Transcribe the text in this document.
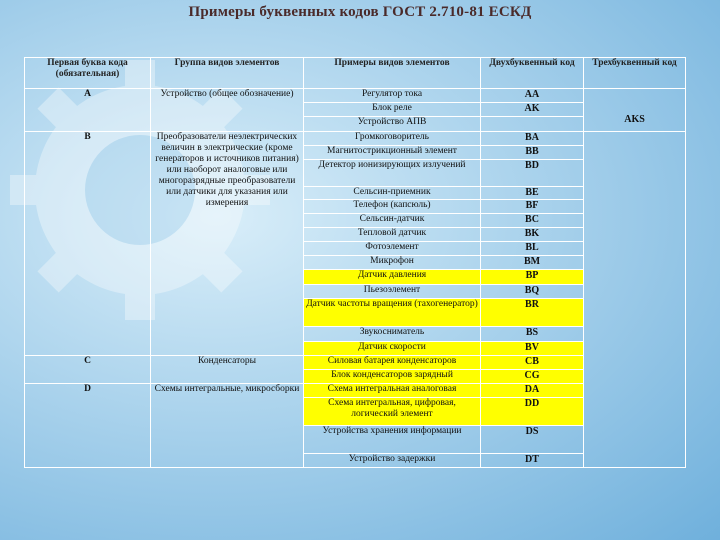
Примеры буквенных кодов ГОСТ 2.710-81 ЕСКД
Первая буква кода (обязательная)	Группа видов элементов	Примеры видов элементов	Двухбуквенный код	Трехбуквенный код
A	Устройство (общее обозначение)	Регулятор тока	AA	AKS
		Блок реле	AK	
		Устройство АПВ		
B	Преобразователи неэлектрических величин в электрические (кроме генераторов и источников питания) или наоборот аналоговые или многоразрядные преобразователи или датчики для указания или измерения	Громкоговоритель	BA	
		Магнитострикционный элемент	BB	
		Детектор ионизирующих излучений	BD	
		Сельсин-приемник	BE	
		Телефон (капсюль)	BF	
		Сельсин-датчик	BC	
		Тепловой датчик	BK	
		Фотоэлемент	BL	
		Микрофон	BM	
		Датчик давления	BP	
		Пьезоэлемент	BQ	
		Датчик частоты вращения (тахогенератор)	BR	
		Звукосниматель	BS	
		Датчик скорости	BV	
C	Конденсаторы	Силовая батарея конденсаторов	CB	
		Блок конденсаторов зарядный	CG	
D	Схемы интегральные, микросборки	Схема интегральная аналоговая	DA	
		Схема интегральная, цифровая, логический элемент	DD	
		Устройства хранения информации	DS	
		Устройство задержки	DT	
